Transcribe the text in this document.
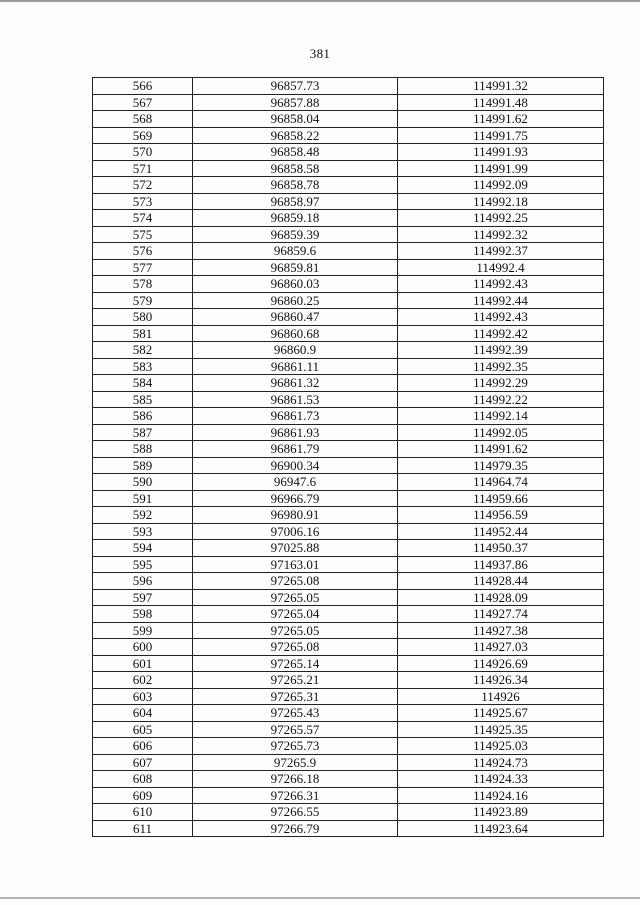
381
566	96857.73	114991.32
567	96857.88	114991.48
568	96858.04	114991.62
569	96858.22	114991.75
570	96858.48	114991.93
571	96858.58	114991.99
572	96858.78	114992.09
573	96858.97	114992.18
574	96859.18	114992.25
575	96859.39	114992.32
576	96859.6	114992.37
577	96859.81	114992.4
578	96860.03	114992.43
579	96860.25	114992.44
580	96860.47	114992.43
581	96860.68	114992.42
582	96860.9	114992.39
583	96861.11	114992.35
584	96861.32	114992.29
585	96861.53	114992.22
586	96861.73	114992.14
587	96861.93	114992.05
588	96861.79	114991.62
589	96900.34	114979.35
590	96947.6	114964.74
591	96966.79	114959.66
592	96980.91	114956.59
593	97006.16	114952.44
594	97025.88	114950.37
595	97163.01	114937.86
596	97265.08	114928.44
597	97265.05	114928.09
598	97265.04	114927.74
599	97265.05	114927.38
600	97265.08	114927.03
601	97265.14	114926.69
602	97265.21	114926.34
603	97265.31	114926
604	97265.43	114925.67
605	97265.57	114925.35
606	97265.73	114925.03
607	97265.9	114924.73
608	97266.18	114924.33
609	97266.31	114924.16
610	97266.55	114923.89
611	97266.79	114923.64
